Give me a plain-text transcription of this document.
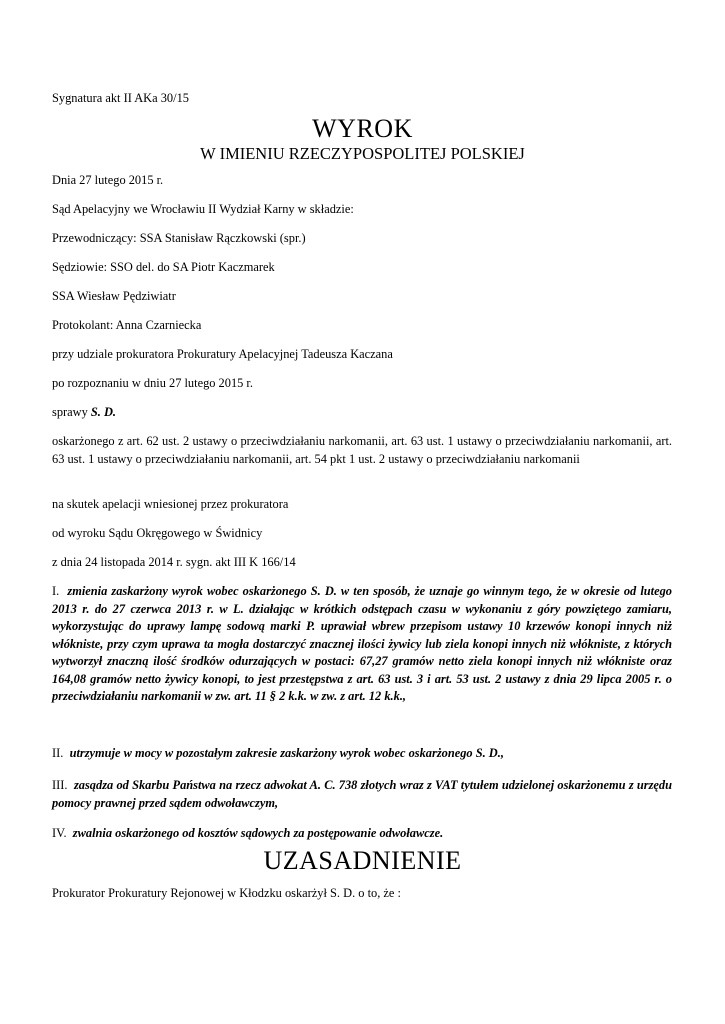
Sygnatura akt II AKa 30/15
WYROK
W IMIENIU RZECZYPOSPOLITEJ POLSKIEJ
Dnia 27 lutego 2015 r.
Sąd Apelacyjny we Wrocławiu II Wydział Karny w składzie:
Przewodniczący: SSA Stanisław Rączkowski (spr.)
Sędziowie: SSO del. do SA Piotr Kaczmarek
SSA Wiesław Pędziwiatr
Protokolant: Anna Czarniecka
przy udziale prokuratora Prokuratury Apelacyjnej Tadeusza Kaczana
po rozpoznaniu w dniu 27 lutego 2015 r.
sprawy S. D.
oskarżonego z art. 62 ust. 2 ustawy o przeciwdziałaniu narkomanii, art. 63 ust. 1 ustawy o przeciwdziałaniu narkomanii, art. 63 ust. 1 ustawy o przeciwdziałaniu narkomanii, art. 54 pkt 1 ust. 2 ustawy o przeciwdziałaniu narkomanii
na skutek apelacji wniesionej przez prokuratora
od wyroku Sądu Okręgowego w Świdnicy
z dnia 24 listopada 2014 r. sygn. akt III K 166/14
I. zmienia zaskarżony wyrok wobec oskarżonego S. D. w ten sposób, że uznaje go winnym tego, że w okresie od lutego 2013 r. do 27 czerwca 2013 r. w L. działając w krótkich odstępach czasu w wykonaniu z góry powziętego zamiaru, wykorzystując do uprawy lampę sodową marki P. uprawiał wbrew przepisom ustawy 10 krzewów konopi innych niż włókniste, przy czym uprawa ta mogła dostarczyć znacznej ilości żywicy lub ziela konopi innych niż włókniste, z których wytworzył znaczną ilość środków odurzających w postaci: 67,27 gramów netto ziela konopi innych niż włókniste oraz 164,08 gramów netto żywicy konopi, to jest przestępstwa z art. 63 ust. 3 i art. 53 ust. 2 ustawy z dnia 29 lipca 2005 r. o przeciwdziałaniu narkomanii w zw. art. 11 § 2 k.k. w zw. z art. 12 k.k.,
II. utrzymuje w mocy w pozostałym zakresie zaskarżony wyrok wobec oskarżonego S. D.,
III. zasądza od Skarbu Państwa na rzecz adwokat A. C. 738 złotych wraz z VAT tytułem udzielonej oskarżonemu z urzędu pomocy prawnej przed sądem odwoławczym,
IV. zwalnia oskarżonego od kosztów sądowych za postępowanie odwoławcze.
UZASADNIENIE
Prokurator Prokuratury Rejonowej w Kłodzku oskarżył S. D. o to, że :
